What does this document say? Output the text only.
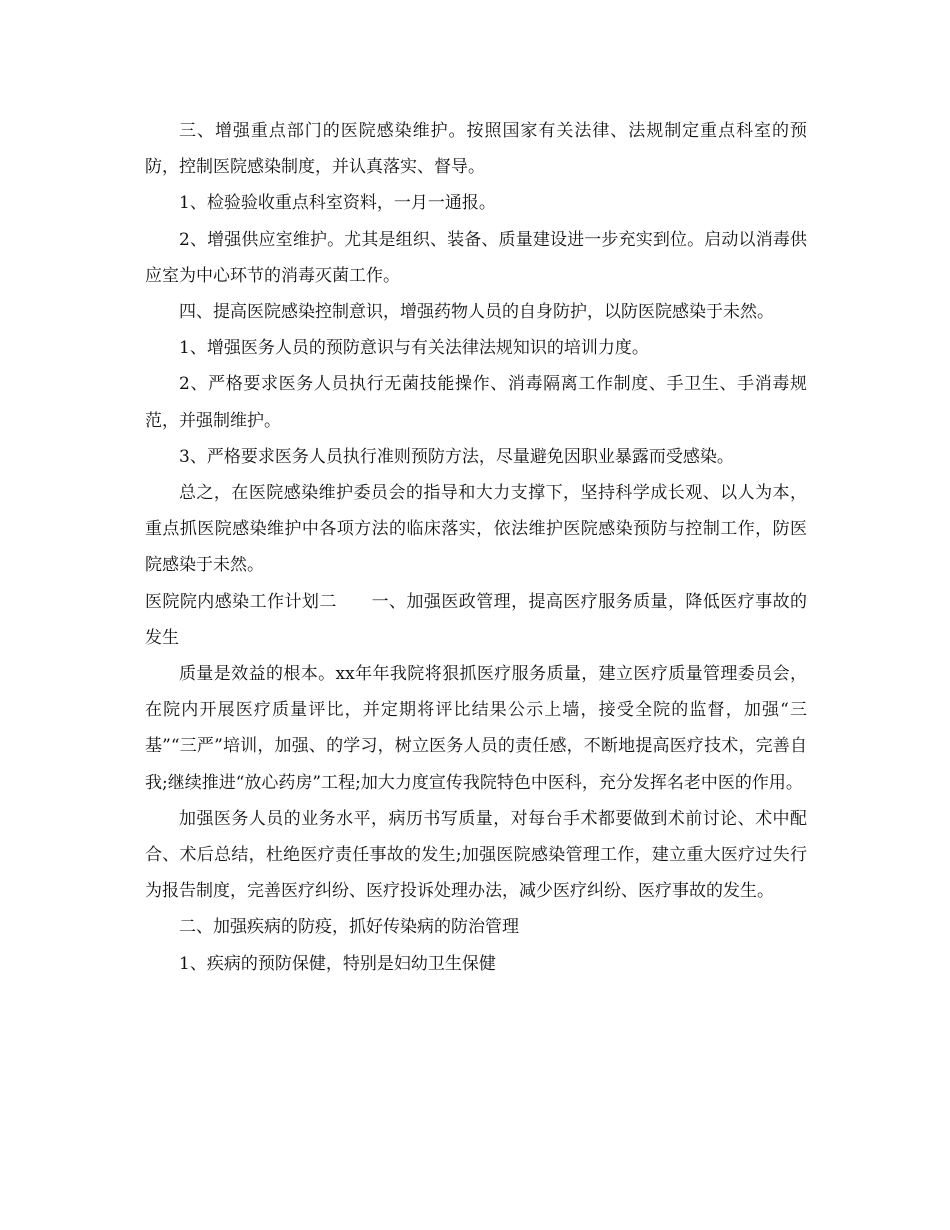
三、增强重点部门的医院感染维护。按照国家有关法律、法规制定重点科室的预防，控制医院感染制度，并认真落实、督导。

1、检验验收重点科室资料，一月一通报。

2、增强供应室维护。尤其是组织、装备、质量建设进一步充实到位。启动以消毒供应室为中心环节的消毒灭菌工作。

四、提高医院感染控制意识，增强药物人员的自身防护，以防医院感染于未然。

1、增强医务人员的预防意识与有关法律法规知识的培训力度。

2、严格要求医务人员执行无菌技能操作、消毒隔离工作制度、手卫生、手消毒规范，并强制维护。

3、严格要求医务人员执行准则预防方法，尽量避免因职业暴露而受感染。

总之，在医院感染维护委员会的指导和大力支撑下，坚持科学成长观、以人为本，重点抓医院感染维护中各项方法的临床落实，依法维护医院感染预防与控制工作，防医院感染于未然。

医院院内感染工作计划二　　一、加强医政管理，提高医疗服务质量，降低医疗事故的发生

质量是效益的根本。xx年年我院将狠抓医疗服务质量，建立医疗质量管理委员会，在院内开展医疗质量评比，并定期将评比结果公示上墙，接受全院的监督，加强“三基”“三严”培训，加强、的学习，树立医务人员的责任感，不断地提高医疗技术，完善自我;继续推进“放心药房”工程;加大力度宣传我院特色中医科，充分发挥名老中医的作用。

加强医务人员的业务水平，病历书写质量，对每台手术都要做到术前讨论、术中配合、术后总结，杜绝医疗责任事故的发生;加强医院感染管理工作，建立重大医疗过失行为报告制度，完善医疗纠纷、医疗投诉处理办法，减少医疗纠纷、医疗事故的发生。

二、加强疾病的防疫，抓好传染病的防治管理

1、疾病的预防保健，特别是妇幼卫生保健
